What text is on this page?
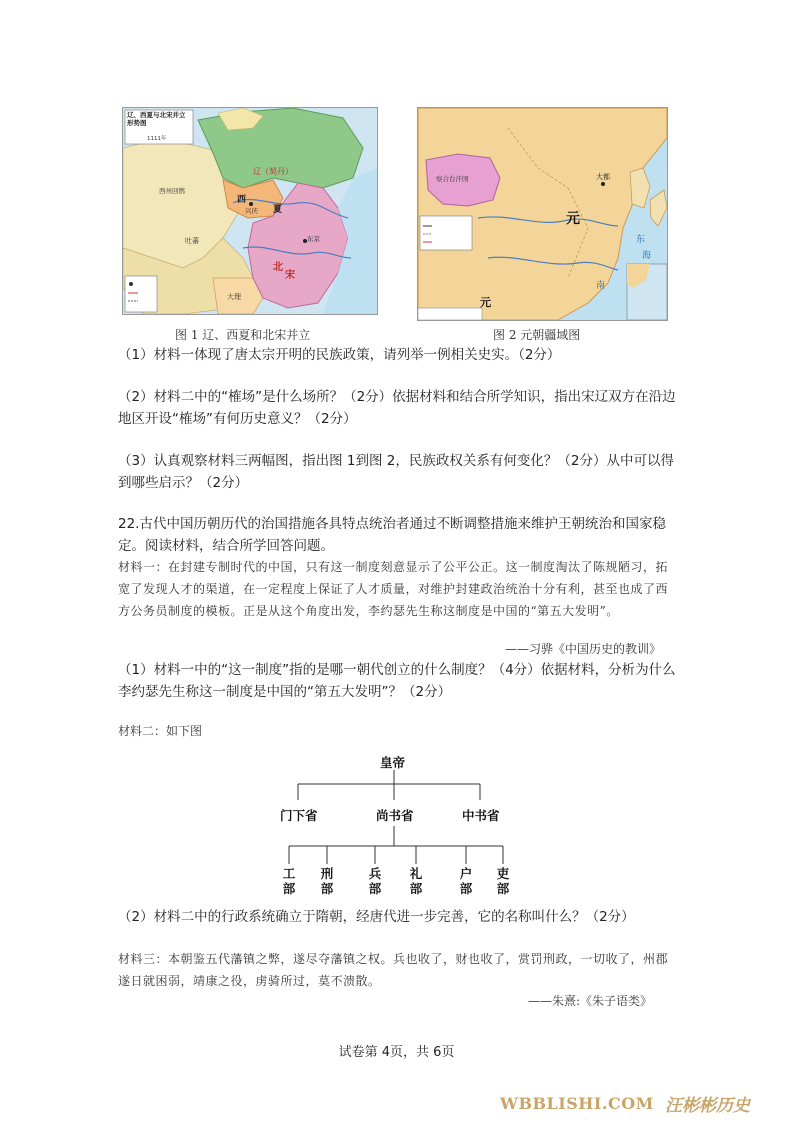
辽、西夏与北宋并立形势图
1111年
辽（契丹）
西
夏
兴庆
东京
北
宋
西州回鹘
吐蕃
大理
图 1 辽、西夏和北宋并立
察合台汗国
元
元
大都
东
海
南
图 2 元朝疆域图
（1）材料一体现了唐太宗开明的民族政策，请列举一例相关史实。（2分）
（2）材料二中的“榷场”是什么场所？（2分）依据材料和结合所学知识，指出宋辽双方在沿边地区开设“榷场”有何历史意义？（2分）
（3）认真观察材料三两幅图，指出图 1到图 2，民族政权关系有何变化？（2分）从中可以得到哪些启示？（2分）
22.古代中国历朝历代的治国措施各具特点统治者通过不断调整措施来维护王朝统治和国家稳定。阅读材料，结合所学回答问题。
材料一：在封建专制时代的中国，只有这一制度刻意显示了公平公正。这一制度淘汰了陈规陋习，拓宽了发现人才的渠道，在一定程度上保证了人才质量，对维护封建政治统治十分有利，甚至也成了西方公务员制度的模板。正是从这个角度出发，李约瑟先生称这制度是中国的“第五大发明”。
——习骅《中国历史的教训》
（1）材料一中的“这一制度”指的是哪一朝代创立的什么制度？（4分）依据材料，分析为什么李约瑟先生称这一制度是中国的“第五大发明”？（2分）
材料二：如下图
皇帝
门下省	尚书省	中书省
工部
刑部
兵部
礼部
户部
吏部
（2）材料二中的行政系统确立于隋朝，经唐代进一步完善，它的名称叫什么？（2分）
材料三：本朝鉴五代藩镇之弊，遂尽夺藩镇之权。兵也收了，财也收了，赏罚刑政，一切收了，州郡遂日就困弱，靖康之役，虏骑所过，莫不溃散。
——朱熹:《朱子语类》
试卷第 4页，共 6页
WBBLISHI.COM 汪彬彬历史
